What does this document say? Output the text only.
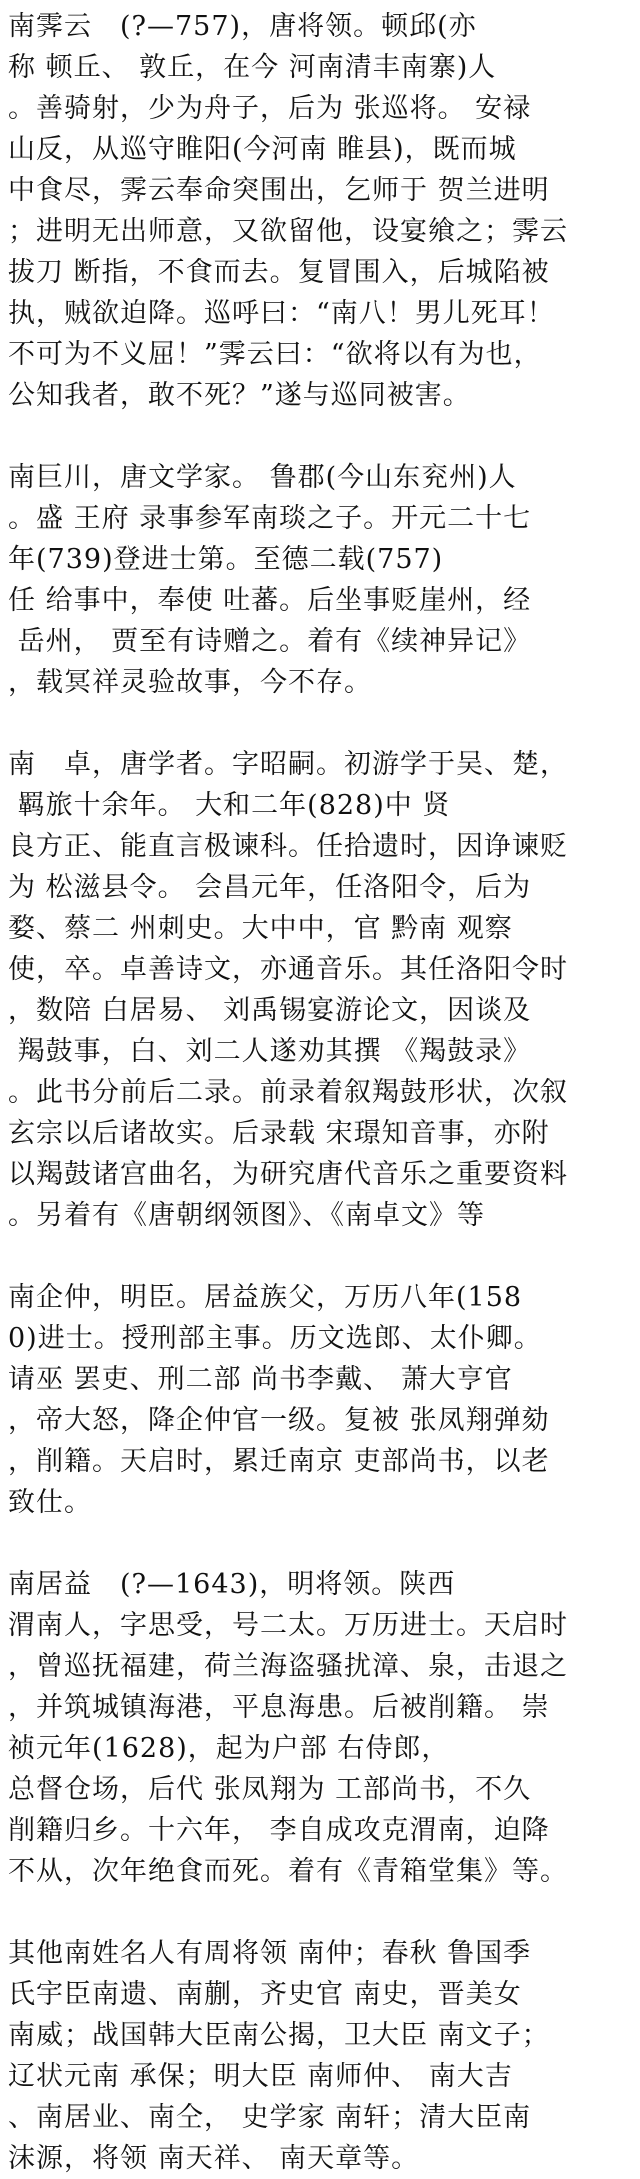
南霁云　(?—757)，唐将领。顿邱(亦
称 顿丘、 敦丘，在今 河南清丰南寨)人
。善骑射，少为舟子，后为 张巡将。 安禄
山反，从巡守睢阳(今河南 睢县)，既而城
中食尽，霁云奉命突围出，乞师于 贺兰进明
；进明无出师意，又欲留他，设宴飨之；霁云
拔刀 断指，不食而去。复冒围入，后城陷被
执，贼欲迫降。巡呼曰：“南八！男儿死耳！
不可为不义屈！”霁云曰：“欲将以有为也，
公知我者，敢不死？”遂与巡同被害。
南巨川，唐文学家。 鲁郡(今山东兖州)人
。盛 王府 录事参军南琰之子。开元二十七
年(739)登进士第。至德二载(757)
任 给事中，奉使 吐蕃。后坐事贬崖州，经
岳州， 贾至有诗赠之。着有《续神异记》
，载冥祥灵验故事，今不存。
南　卓，唐学者。字昭嗣。初游学于吴、楚，
羁旅十余年。 大和二年(828)中 贤
良方正、能直言极谏科。任拾遗时，因诤谏贬
为 松滋县令。 会昌元年，任洛阳令，后为
婺、蔡二 州刺史。大中中，官 黔南 观察
使，卒。卓善诗文，亦通音乐。其任洛阳令时
，数陪 白居易、 刘禹锡宴游论文，因谈及
羯鼓事，白、刘二人遂劝其撰 《羯鼓录》
。此书分前后二录。前录着叙羯鼓形状，次叙
玄宗以后诸故实。后录载 宋璟知音事，亦附
以羯鼓诸宫曲名，为研究唐代音乐之重要资料
。另着有《唐朝纲领图》、《南卓文》等
南企仲，明臣。居益族父，万历八年(158
0)进士。授刑部主事。历文选郎、太仆卿。
请巫 罢吏、刑二部 尚书李戴、 萧大亨官
，帝大怒，降企仲官一级。复被 张凤翔弹劾
，削籍。天启时，累迁南京 吏部尚书，以老
致仕。
南居益　(?—1643)，明将领。陕西
渭南人，字思受，号二太。万历进士。天启时
，曾巡抚福建，荷兰海盗骚扰漳、泉，击退之
，并筑城镇海港，平息海患。后被削籍。 崇
祯元年(1628)，起为户部 右侍郎，
总督仓场，后代 张凤翔为 工部尚书，不久
削籍归乡。十六年， 李自成攻克渭南，迫降
不从，次年绝食而死。着有《青箱堂集》等。
其他南姓名人有周将领 南仲；春秋 鲁国季
氏宇臣南遗、南蒯，齐史官 南史，晋美女
南威；战国韩大臣南公揭，卫大臣 南文子；
辽状元南 承保；明大臣 南师仲、 南大吉
、南居业、南仝， 史学家 南轩；清大臣南
沫源，将领 南天祥、 南天章等。
